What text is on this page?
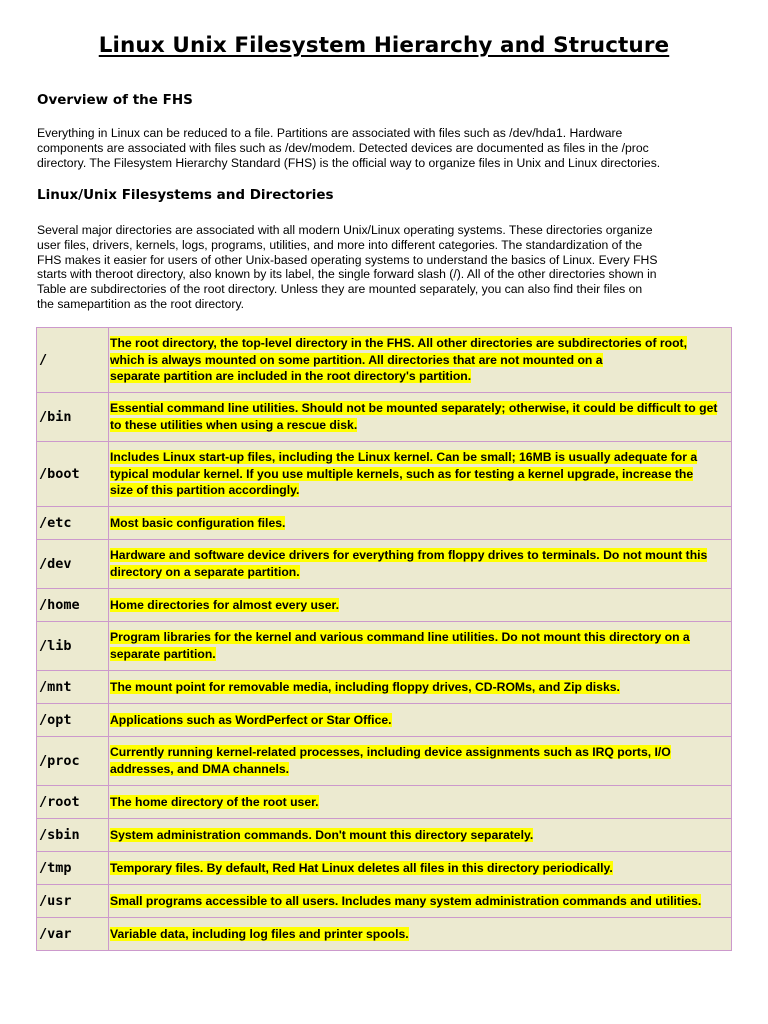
Linux Unix Filesystem Hierarchy and Structure
Overview of the FHS

Everything in Linux can be reduced to a file. Partitions are associated with files such as /dev/hda1. Hardware
components are associated with files such as /dev/modem. Detected devices are documented as files in the /proc
directory. The Filesystem Hierarchy Standard (FHS) is the official way to organize files in Unix and Linux directories.

Linux/Unix Filesystems and Directories

Several major directories are associated with all modern Unix/Linux operating systems. These directories organize
user files, drivers, kernels, logs, programs, utilities, and more into different categories. The standardization of the
FHS makes it easier for users of other Unix-based operating systems to understand the basics of Linux. Every FHS
starts with theroot directory, also known by its label, the single forward slash (/). All of the other directories shown in
Table are subdirectories of the root directory. Unless they are mounted separately, you can also find their files on
the samepartition as the root directory.

/	The root directory, the top-level directory in the FHS. All other directories are subdirectories of root,
which is always mounted on some partition. All directories that are not mounted on a
separate partition are included in the root directory's partition.

/bin	Essential command line utilities. Should not be mounted separately; otherwise, it could be difficult to get
to these utilities when using a rescue disk.

/boot	Includes Linux start-up files, including the Linux kernel. Can be small; 16MB is usually adequate for a
typical modular kernel. If you use multiple kernels, such as for testing a kernel upgrade, increase the
size of this partition accordingly.

/etc	Most basic configuration files.

/dev	Hardware and software device drivers for everything from floppy drives to terminals. Do not mount this
directory on a separate partition.

/home	Home directories for almost every user.

/lib	Program libraries for the kernel and various command line utilities. Do not mount this directory on a
separate partition.

/mnt	The mount point for removable media, including floppy drives, CD-ROMs, and Zip disks.

/opt	Applications such as WordPerfect or Star Office.

/proc	Currently running kernel-related processes, including device assignments such as IRQ ports, I/O
addresses, and DMA channels.

/root	The home directory of the root user.

/sbin	System administration commands. Don't mount this directory separately.

/tmp	Temporary files. By default, Red Hat Linux deletes all files in this directory periodically.

/usr	Small programs accessible to all users. Includes many system administration commands and utilities.

/var	Variable data, including log files and printer spools.
